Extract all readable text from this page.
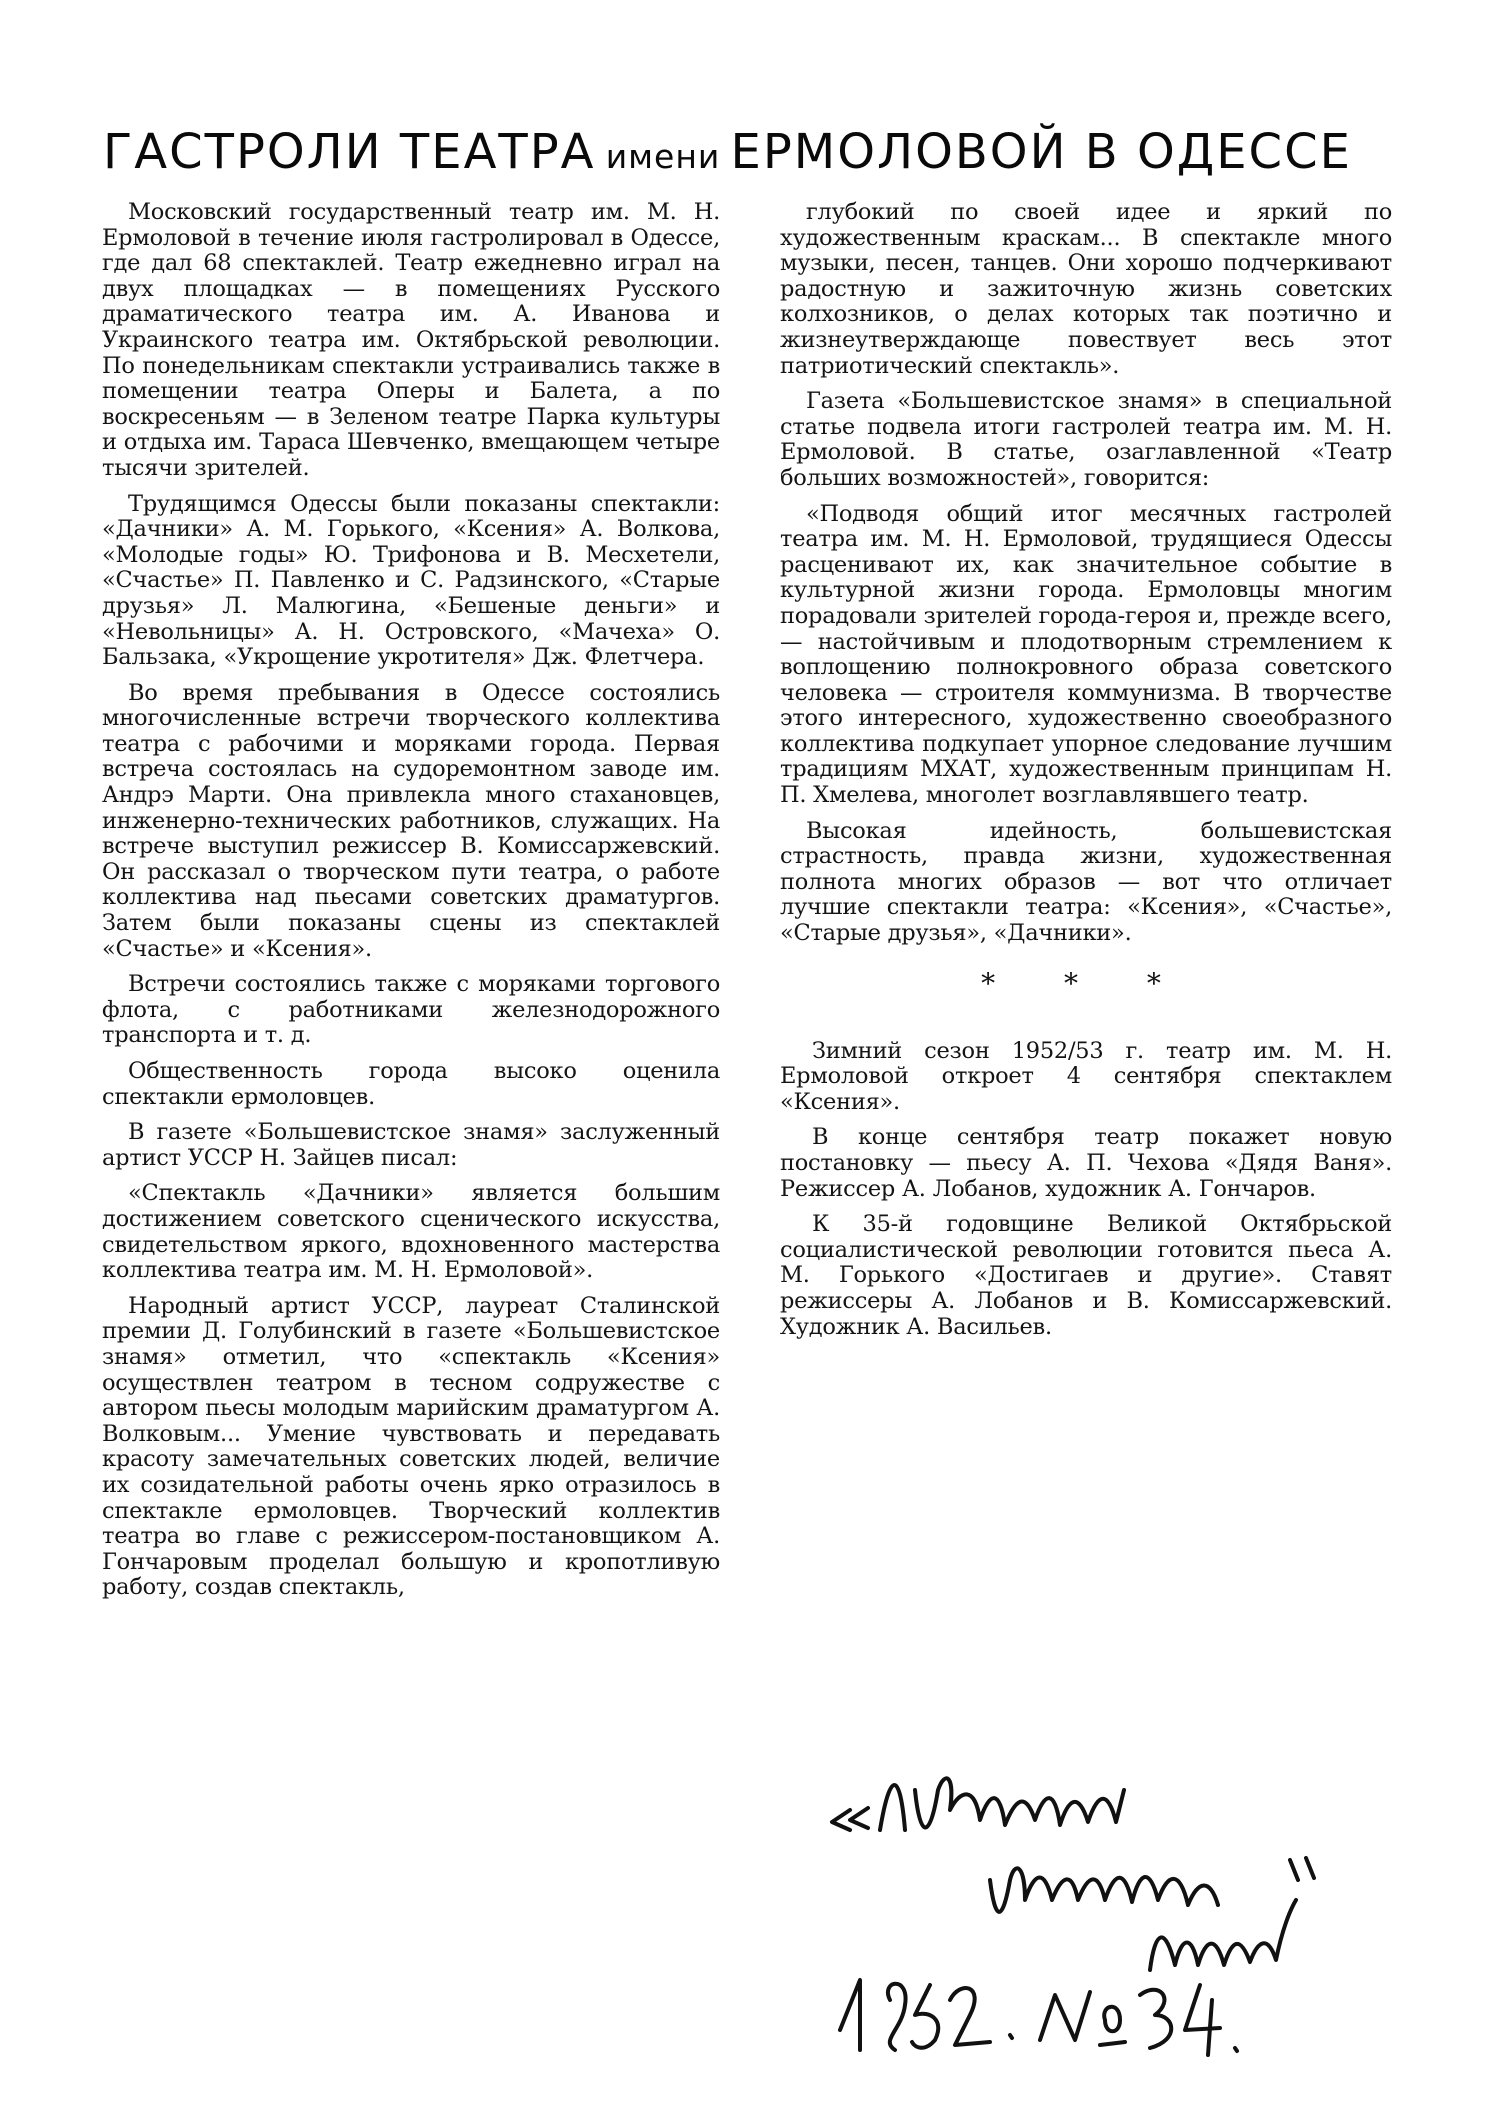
ГАСТРОЛИ ТЕАТРА имени ЕРМОЛОВОЙ В ОДЕССЕ

Московский государственный театр им. М. Н. Ермоловой в течение июля гастролировал в Одессе, где дал 68 спектаклей. Театр ежедневно играл на двух площадках — в помещениях Русского драматического театра им. А. Иванова и Украинского театра им. Октябрьской революции. По понедельникам спектакли устраивались также в помещении театра Оперы и Балета, а по воскресеньям — в Зеленом театре Парка культуры и отдыха им. Тараса Шевченко, вмещающем четыре тысячи зрителей.

Трудящимся Одессы были показаны спектакли: «Дачники» А. М. Горького, «Ксения» А. Волкова, «Молодые годы» Ю. Трифонова и В. Месхетели, «Счастье» П. Павленко и С. Радзинского, «Старые друзья» Л. Малюгина, «Бешеные деньги» и «Невольницы» А. Н. Островского, «Мачеха» О. Бальзака, «Укрощение укротителя» Дж. Флетчера.

Во время пребывания в Одессе состоялись многочисленные встречи творческого коллектива театра с рабочими и моряками города. Первая встреча состоялась на судоремонтном заводе им. Андрэ Марти. Она привлекла много стахановцев, инженерно-технических работников, служащих. На встрече выступил режиссер В. Комиссаржевский. Он рассказал о творческом пути театра, о работе коллектива над пьесами советских драматургов. Затем были показаны сцены из спектаклей «Счастье» и «Ксения».

Встречи состоялись также с моряками торгового флота, с работниками железнодорожного транспорта и т. д.

Общественность города высоко оценила спектакли ермоловцев.

В газете «Большевистское знамя» заслуженный артист УССР Н. Зайцев писал:

«Спектакль «Дачники» является большим достижением советского сценического искусства, свидетельством яркого, вдохновенного мастерства коллектива театра им. М. Н. Ермоловой».

Народный артист УССР, лауреат Сталинской премии Д. Голубинский в газете «Большевистское знамя» отметил, что «спектакль «Ксения» осуществлен театром в тесном содружестве с автором пьесы молодым марийским драматургом А. Волковым... Умение чувствовать и передавать красоту замечательных советских людей, величие их созидательной работы очень ярко отразилось в спектакле ермоловцев. Творческий коллектив театра во главе с режиссером-постановщиком А. Гончаровым проделал большую и кропотливую работу, создав спектакль,

глубокий по своей идее и яркий по художественным краскам... В спектакле много музыки, песен, танцев. Они хорошо подчеркивают радостную и зажиточную жизнь советских колхозников, о делах которых так поэтично и жизнеутверждающе повествует весь этот патриотический спектакль».

Газета «Большевистское знамя» в специальной статье подвела итоги гастролей театра им. М. Н. Ермоловой. В статье, озаглавленной «Театр больших возможностей», говорится:

«Подводя общий итог месячных гастролей театра им. М. Н. Ермоловой, трудящиеся Одессы расценивают их, как значительное событие в культурной жизни города. Ермоловцы многим порадовали зрителей города-героя и, прежде всего, — настойчивым и плодотворным стремлением к воплощению полнокровного образа советского человека — строителя коммунизма. В творчестве этого интересного, художественно своеобразного коллектива подкупает упорное следование лучшим традициям МХАТ, художественным принципам Н. П. Хмелева, многолет возглавлявшего театр.

Высокая идейность, большевистская страстность, правда жизни, художественная полнота многих образов — вот что отличает лучшие спектакли театра: «Ксения», «Счастье», «Старые друзья», «Дачники».

* * *

Зимний сезон 1952/53 г. театр им. М. Н. Ермоловой откроет 4 сентября спектаклем «Ксения».

В конце сентября театр покажет новую постановку — пьесу А. П. Чехова «Дядя Ваня». Режиссер А. Лобанов, художник А. Гончаров.

К 35-й годовщине Великой Октябрьской социалистической революции готовится пьеса А. М. Горького «Достигаев и другие». Ставят режиссеры А. Лобанов и В. Комиссаржевский. Художник А. Васильев.
